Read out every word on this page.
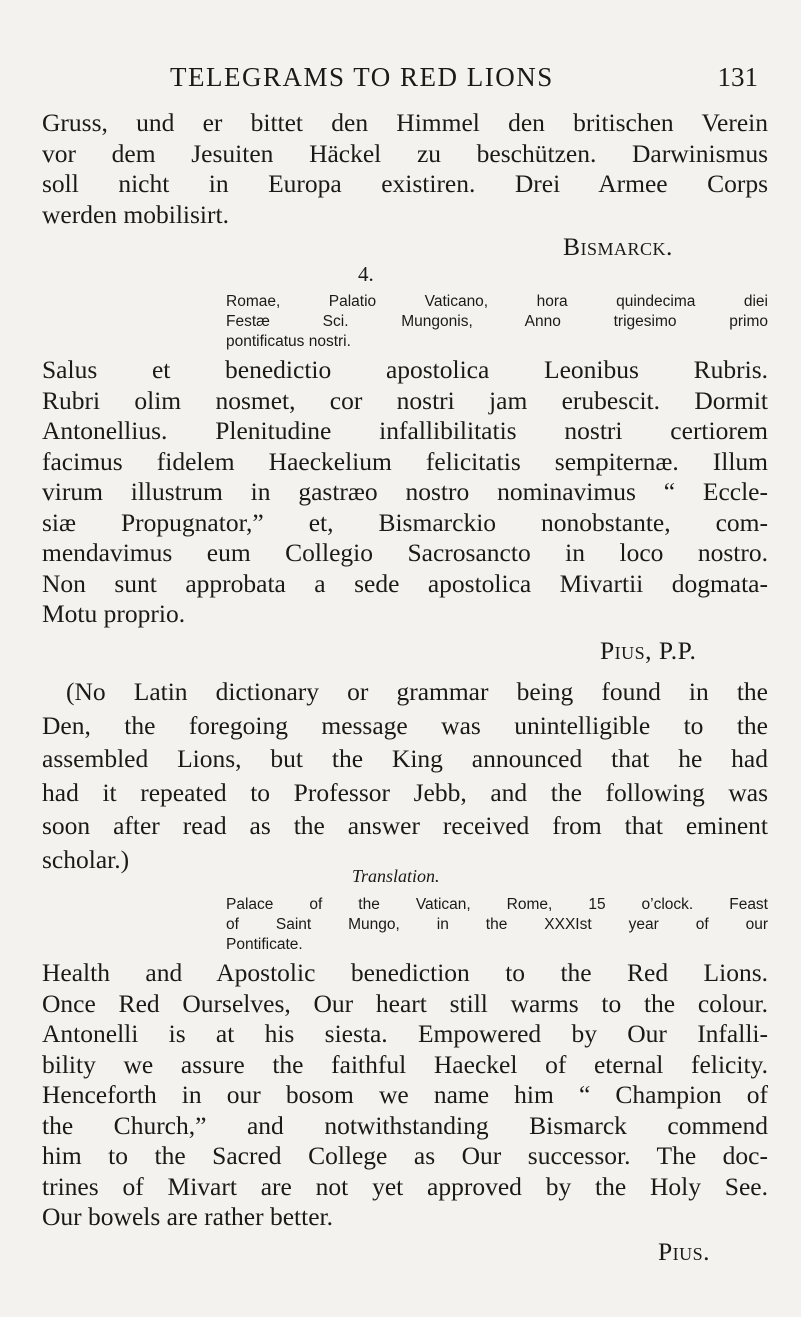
TELEGRAMS TO RED LIONS	131
Gruss, und er bittet den Himmel den britischen Verein
vor dem Jesuiten Häckel zu beschützen. Darwinismus
soll nicht in Europa existiren. Drei Armee Corps
werden mobilisirt.
Bismarck.
4.
Romae, Palatio Vaticano, hora quindecima diei
Festæ Sci. Mungonis, Anno trigesimo primo
pontificatus nostri.
Salus et benedictio apostolica Leonibus Rubris.
Rubri olim nosmet, cor nostri jam erubescit. Dormit
Antonellius. Plenitudine infallibilitatis nostri certiorem
facimus fidelem Haeckelium felicitatis sempiternæ. Illum
virum illustrum in gastræo nostro nominavimus “ Eccle-
siæ Propugnator,” et, Bismarckio nonobstante, com-
mendavimus eum Collegio Sacrosancto in loco nostro.
Non sunt approbata a sede apostolica Mivartii dogmata-
Motu proprio.
Pius, P.P.
(No Latin dictionary or grammar being found in the
Den, the foregoing message was unintelligible to the
assembled Lions, but the King announced that he had
had it repeated to Professor Jebb, and the following was
soon after read as the answer received from that eminent
scholar.)
Translation.
Palace of the Vatican, Rome, 15 o’clock. Feast
of Saint Mungo, in the XXXIst year of our
Pontificate.
Health and Apostolic benediction to the Red Lions.
Once Red Ourselves, Our heart still warms to the colour.
Antonelli is at his siesta. Empowered by Our Infalli-
bility we assure the faithful Haeckel of eternal felicity.
Henceforth in our bosom we name him “ Champion of
the Church,” and notwithstanding Bismarck commend
him to the Sacred College as Our successor. The doc-
trines of Mivart are not yet approved by the Holy See.
Our bowels are rather better.
Pius.
